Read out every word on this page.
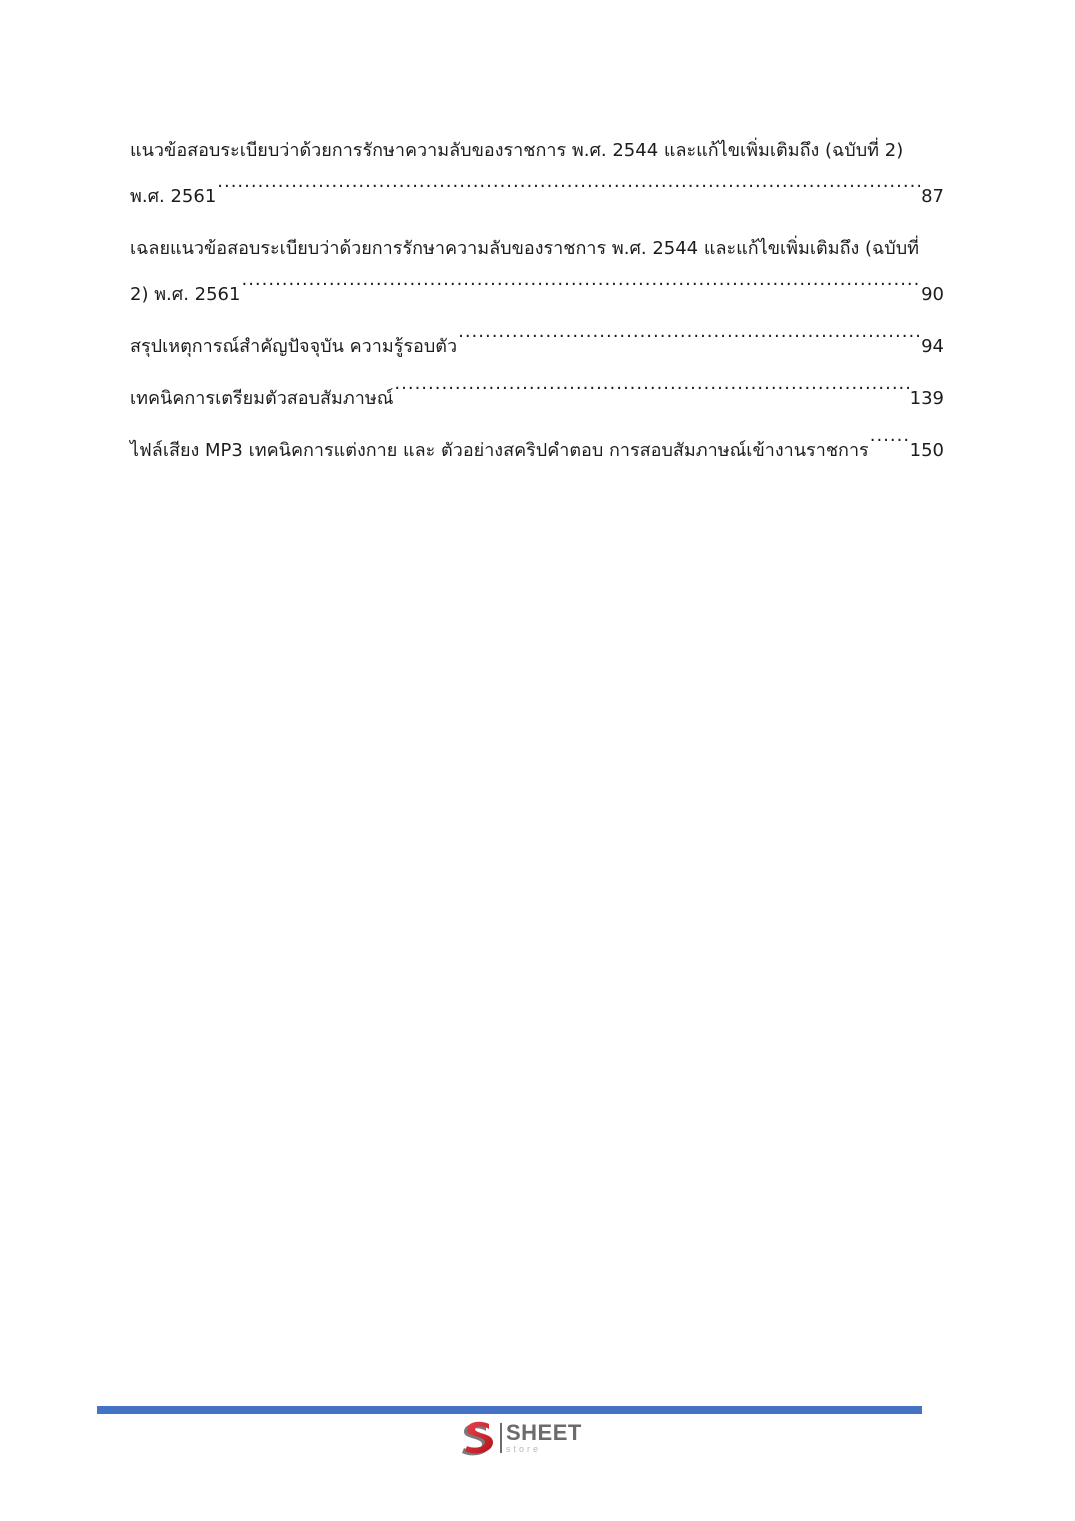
แนวข้อสอบระเบียบว่าด้วยการรักษาความลับของราชการ พ.ศ. 2544 และแก้ไขเพิ่มเติมถึง (ฉบับที่ 2)
พ.ศ. 2561 .....	87
เฉลยแนวข้อสอบระเบียบว่าด้วยการรักษาความลับของราชการ พ.ศ. 2544 และแก้ไขเพิ่มเติมถึง (ฉบับที่
2) พ.ศ. 2561 .....	90
สรุปเหตุการณ์สำคัญปัจจุบัน ความรู้รอบตัว .....	94
เทคนิคการเตรียมตัวสอบสัมภาษณ์ .....	139
ไฟล์เสียง MP3 เทคนิคการแต่งกาย และ ตัวอย่างสคริปคำตอบ การสอบสัมภาษณ์เข้างานราชการ ..... 150
SHEET
store
